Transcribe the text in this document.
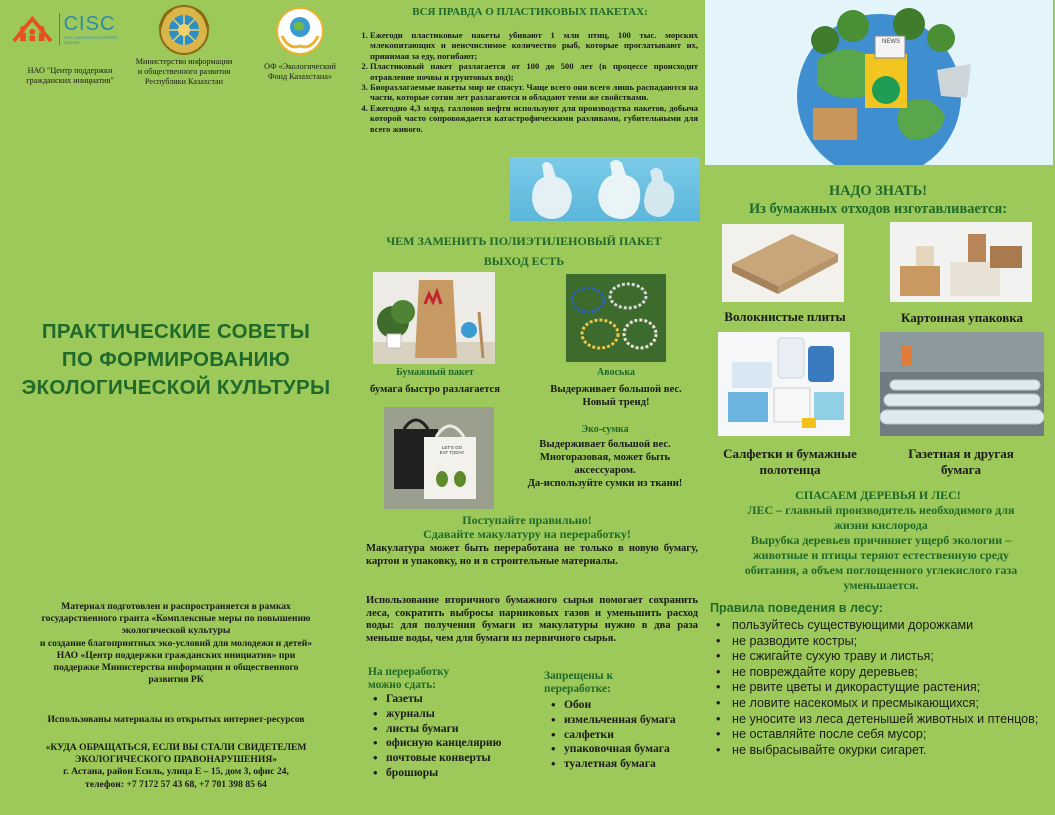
CISC
CIVIL INITIATIVES SUPPORT CENTER
НАО "Центр поддержки
гражданских инициатив"
Министерство информации
и общественного развития
Республики Казахстан
ОФ «Экологический
Фонд Казахстана»
ПРАКТИЧЕСКИЕ СОВЕТЫ
ПО ФОРМИРОВАНИЮ
ЭКОЛОГИЧЕСКОЙ КУЛЬТУРЫ
Материал подготовлен и распространяется в рамках
государственного гранта «Комплексные меры по повышению
экологической культуры
и создание благоприятных эко-условий для молодежи и детей»
НАО «Центр поддержки гражданских инициатив» при
поддержке Министерства информации и общественного
развития РК
Использованы материалы из открытых интернет-ресурсов
«КУДА ОБРАЩАТЬСЯ, ЕСЛИ ВЫ СТАЛИ СВИДЕТЕЛЕМ
ЭКОЛОГИЧЕСКОГО ПРАВОНАРУШЕНИЯ»
г. Астана, район Есиль, улица Е – 15, дом 3, офис 24,
телефон: +7 7172 57 43 68, +7 701 398 85 64
ВСЯ ПРАВДА О ПЛАСТИКОВЫХ ПАКЕТАХ:
1. Ежегодн пластиковые пакеты убивают 1 млн птиц, 100 тыс. морских млекопитающих и неисчислимое количество рыб, которые проглатывают их, принимая за еду, погибают;
2. Пластиковый пакет разлагается от 100 до 500 лет (в процессе происходит отравление почвы и грунтовых вод);
3. Биоразлагаемые пакеты мир не спасут. Чаще всего они всего лишь распадаются на части, которые сотни лет разлагаются и обладают теми же свойствами.
4. Ежегодно 4,3 млрд. галлонов нефти используют для производства пакетов, добыча которой часто сопровождается катастрофическими разливами, губительными для всего живого.
ЧЕМ ЗАМЕНИТЬ ПОЛИЭТИЛЕНОВЫЙ ПАКЕТ
ВЫХОД ЕСТЬ
Бумажный пакет
бумага быстро разлагается
Авоська
Выдерживает большой вес.
Новый тренд!
LET'S GO
EAT TODAY
Эко-сумка
Выдерживает большой вес.
Многоразовая, может быть
аксессуаром.
Да-используйте сумки из ткани!
Поступайте правильно!
Сдавайте макулатуру на переработку!
Макулатура может быть переработана не только в новую бумагу, картон и упаковку, но и в строительные материалы.
Использование вторичного бумажного сырья помогает сохранить леса, сократить выбросы парниковых газов и уменьшить расход воды: для получения бумаги из макулатуры нужно в два раза меньше воды, чем для бумаги из первичного сырья.
На переработку
можно сдать:
• Газеты
• журналы
• листы бумаги
• офисную канцелярию
• почтовые конверты
• брошюры
Запрещены к
переработке:
• Обои
• измельченная бумага
• салфетки
• упаковочная бумага
• туалетная бумага
NEWS
НАДО ЗНАТЬ!
Из бумажных отходов изготавливается:
Волокнистые плиты	Картонная упаковка
Салфетки и бумажные
полотенца
Газетная и другая
бумага
СПАСАЕМ ДЕРЕВЬЯ И ЛЕС!
ЛЕС – главный производитель необходимого для
жизни кислорода
Вырубка деревьев причиняет ущерб экологии –
животные и птицы теряют естественную среду
обитания, а объем поглощенного углекислого газа
уменьшается.
Правила поведения в лесу:
• пользуйтесь существующими дорожками
• не разводите костры;
• не сжигайте сухую траву и листья;
• не повреждайте кору деревьев;
• не рвите цветы и дикорастущие растения;
• не ловите насекомых и пресмыкающихся;
• не уносите из леса детенышей животных и птенцов;
• не оставляйте после себя мусор;
• не выбрасывайте окурки сигарет.
